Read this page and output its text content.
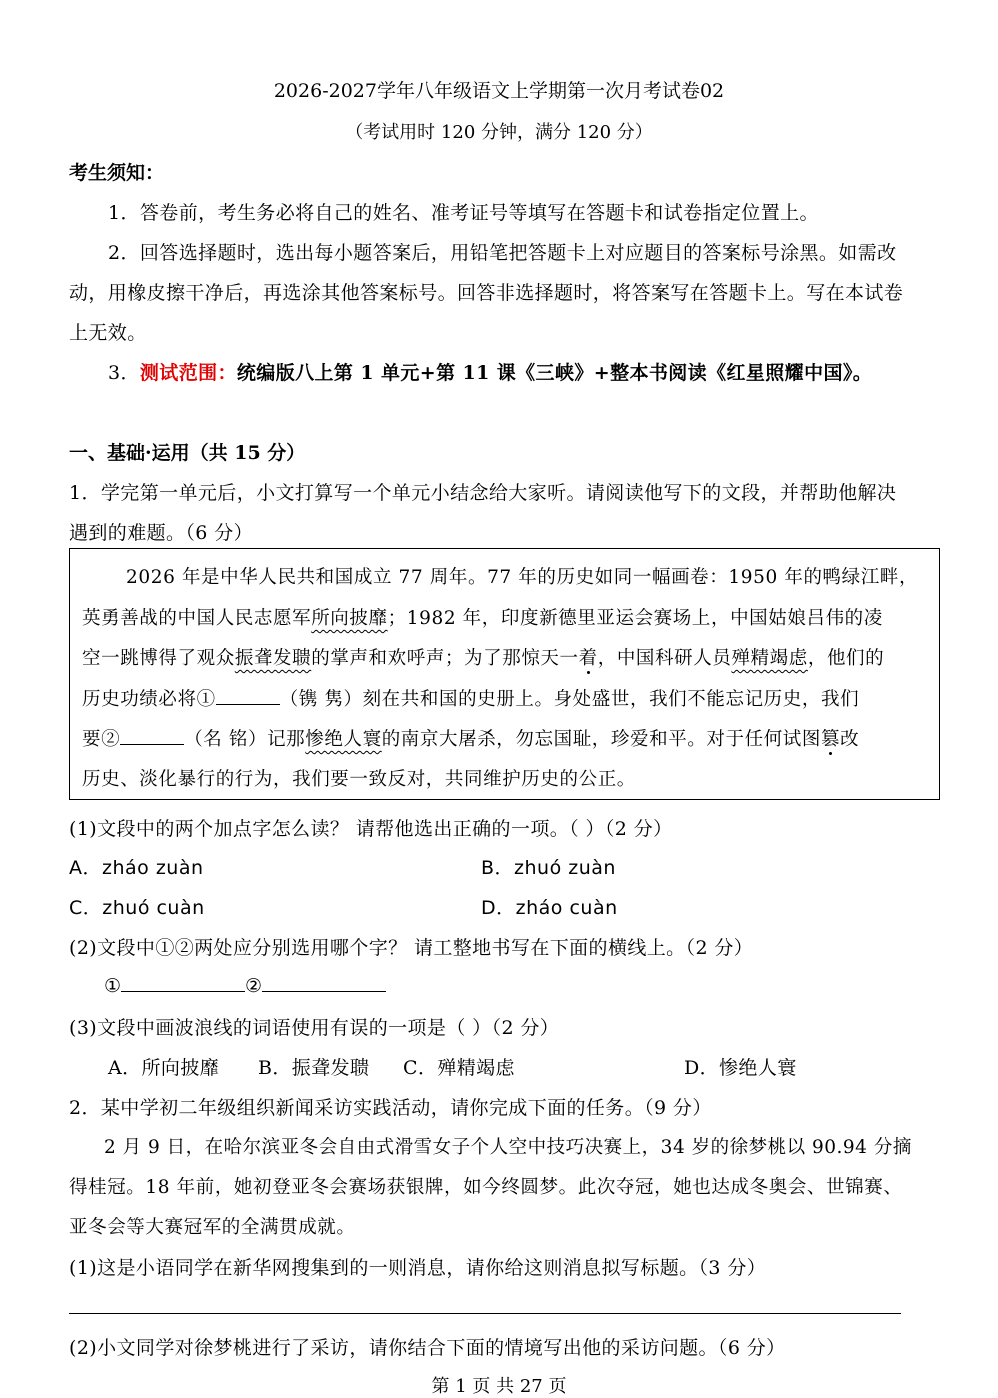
2026-2027学年八年级语文上学期第一次月考试卷02
（考试用时 120 分钟，满分 120 分）
考生须知：
1．答卷前，考生务必将自己的姓名、准考证号等填写在答题卡和试卷指定位置上。
2．回答选择题时，选出每小题答案后，用铅笔把答题卡上对应题目的答案标号涂黑。如需改
动，用橡皮擦干净后，再选涂其他答案标号。回答非选择题时，将答案写在答题卡上。写在本试卷
上无效。
3．测试范围：统编版八上第 1 单元+第 11 课《三峡》+整本书阅读《红星照耀中国》。
一、基础·运用（共 15 分）
1．学完第一单元后，小文打算写一个单元小结念给大家听。请阅读他写下的文段，并帮助他解决
遇到的难题。（6 分）
2026 年是中华人民共和国成立 77 周年。77 年的历史如同一幅画卷：1950 年的鸭绿江畔，
英勇善战的中国人民志愿军所向披靡；1982 年，印度新德里亚运会赛场上，中国姑娘吕伟的凌
空一跳博得了观众振聋发聩的掌声和欢呼声；为了那惊天一着，中国科研人员殚精竭虑，他们的
历史功绩必将①	（镌 隽）刻在共和国的史册上。身处盛世，我们不能忘记历史，我们
要②	（名 铭）记那惨绝人寰的南京大屠杀，勿忘国耻，珍爱和平。对于任何试图篡改
历史、淡化暴行的行为，我们要一致反对，共同维护历史的公正。
(1)文段中的两个加点字怎么读？ 请帮他选出正确的一项。（ ）（2 分）
A．zháo zuàn	B．zhuó zuàn
C．zhuó cuàn	D．zháo cuàn
(2)文段中①②两处应分别选用哪个字？ 请工整地书写在下面的横线上。（2 分）
①	②
(3)文段中画波浪线的词语使用有误的一项是（ ）（2 分）
A．所向披靡 B．振聋发聩 C．殚精竭虑	D．惨绝人寰
2．某中学初二年级组织新闻采访实践活动，请你完成下面的任务。（9 分）
2 月 9 日，在哈尔滨亚冬会自由式滑雪女子个人空中技巧决赛上，34 岁的徐梦桃以 90.94 分摘
得桂冠。18 年前，她初登亚冬会赛场获银牌，如今终圆梦。此次夺冠，她也达成冬奥会、世锦赛、
亚冬会等大赛冠军的全满贯成就。
(1)这是小语同学在新华网搜集到的一则消息，请你给这则消息拟写标题。（3 分）
(2)小文同学对徐梦桃进行了采访，请你结合下面的情境写出他的采访问题。（6 分）
第 1 页 共 27 页
